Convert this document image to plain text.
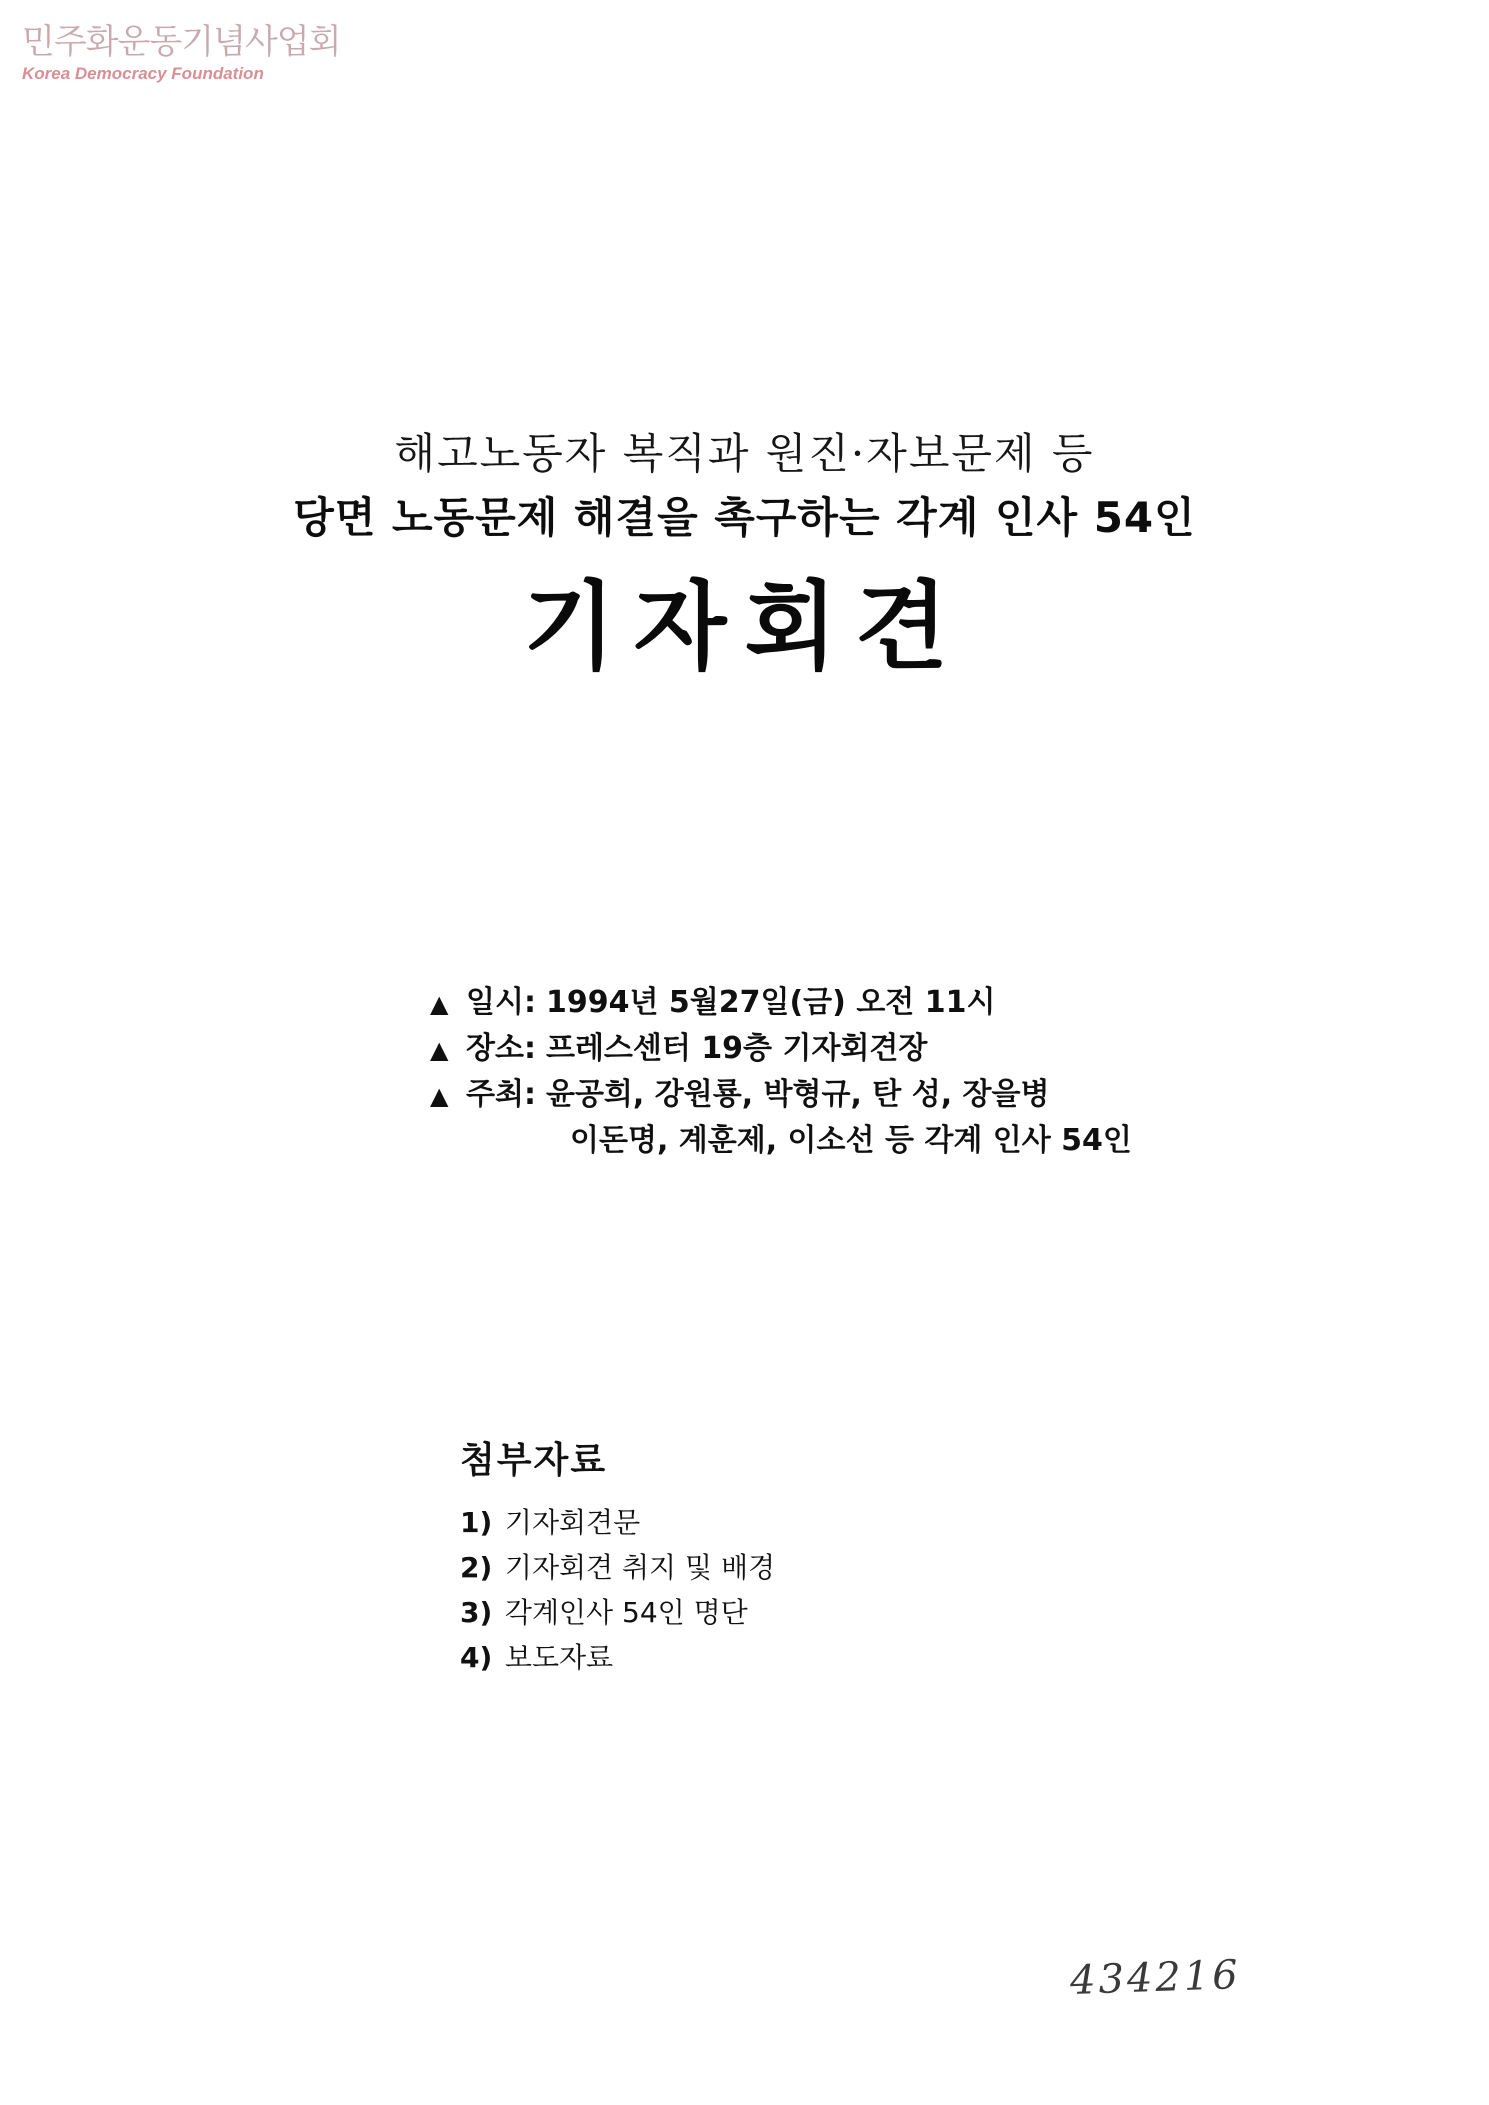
민주화운동기념사업회
Korea Democracy Foundation
해고노동자 복직과 원진·자보문제 등
당면 노동문제 해결을 촉구하는 각계 인사 54인
기자회견
▲ 일시: 1994년 5월27일(금) 오전 11시
▲ 장소: 프레스센터 19층 기자회견장
▲ 주최: 윤공희, 강원룡, 박형규, 탄 성, 장을병
이돈명, 계훈제, 이소선 등 각계 인사 54인
첨부자료
1) 기자회견문
2) 기자회견 취지 및 배경
3) 각계인사 54인 명단
4) 보도자료
434216
